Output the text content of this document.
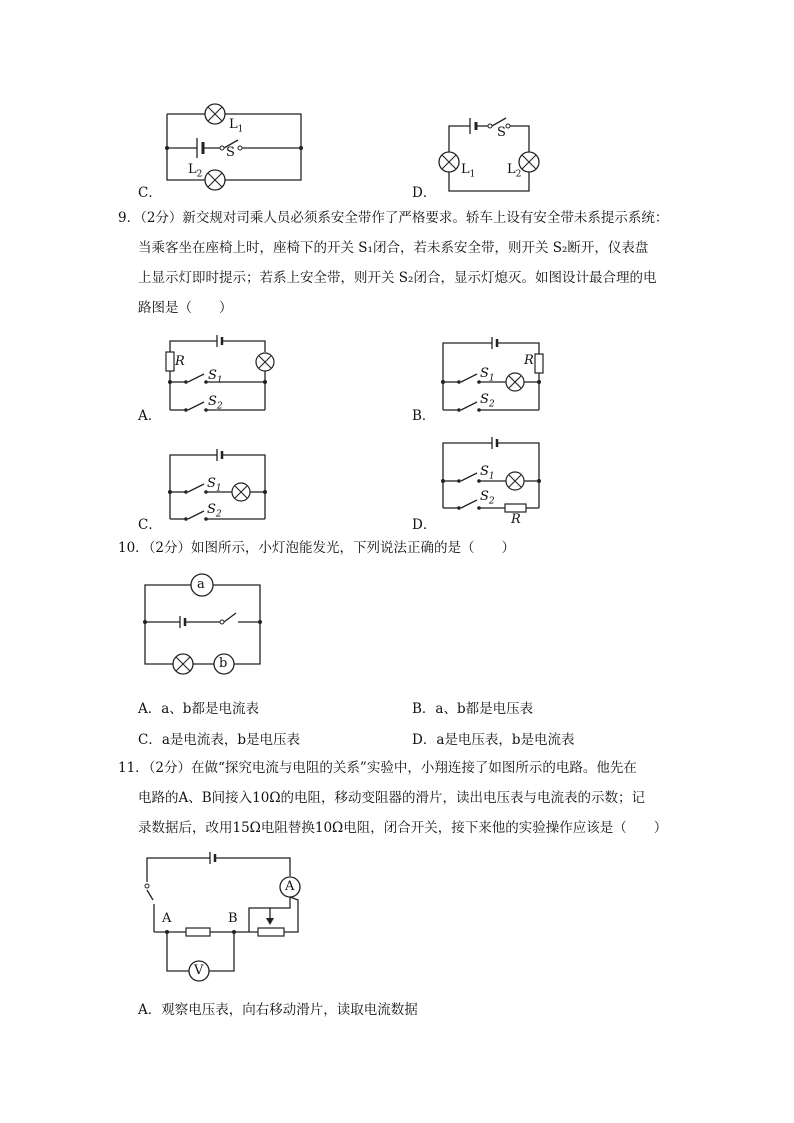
$L_1$
S
$L_2$
C．
S
$L_1$ $L_2$
D．
9．（2分）新交规对司乘人员必须系安全带作了严格要求。轿车上设有安全带未系提示系统：
当乘客坐在座椅上时，座椅下的开关 S₁闭合，若未系安全带，则开关 S₂断开，仪表盘
上显示灯即时提示；若系上安全带，则开关 S₂闭合，显示灯熄灭。如图设计最合理的电
路图是（　　）
R
$S_1$
$S_2$
A．
R
$S_1$
$S_2$
B．
$S_1$
$S_2$
C．
$S_1$
$S_2$
R
D．
10．（2分）如图所示，小灯泡能发光，下列说法正确的是（　　）
a
b
A．a、b都是电流表	B．a、b都是电压表
C．a是电流表，b是电压表	D．a是电压表，b是电流表
11．（2分）在做“探究电流与电阻的关系”实验中，小翔连接了如图所示的电路。他先在
电路的A、B间接入10Ω的电阻，移动变阻器的滑片，读出电压表与电流表的示数；记
录数据后，改用15Ω电阻替换10Ω电阻，闭合开关，接下来他的实验操作应该是（　　）
A
V
A	B
A．观察电压表，向右移动滑片，读取电流数据
